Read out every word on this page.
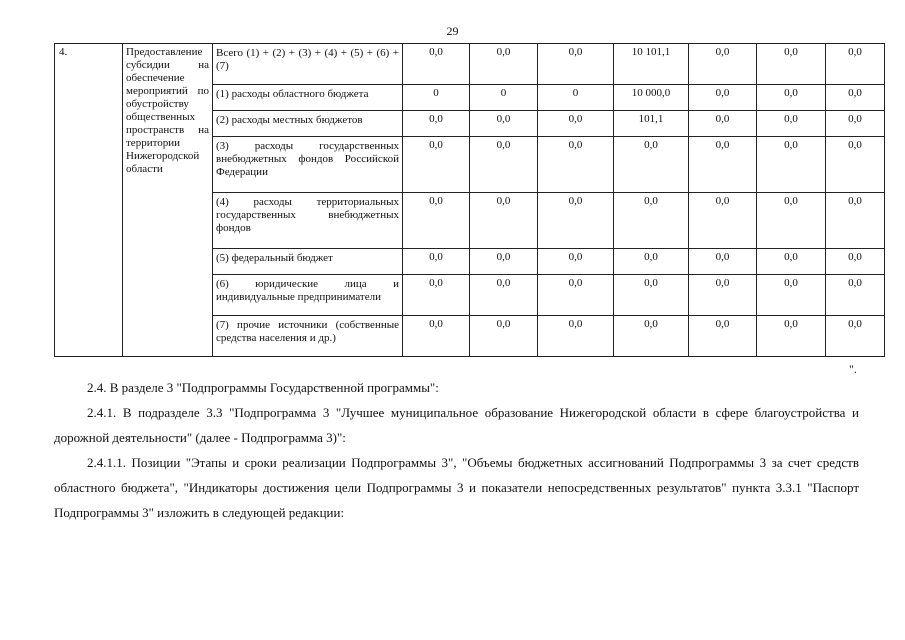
29
4.	Предоставление субсидии на обеспечение мероприятий по обустройству общественных пространств на территории Нижегородской области	Всего (1) + (2) + (3) + (4) + (5) + (6) + (7)	0,0	0,0	0,0	10 101,1	0,0	0,0	0,0
		(1) расходы областного бюджета	0	0	0	10 000,0	0,0	0,0	0,0
		(2) расходы местных бюджетов	0,0	0,0	0,0	101,1	0,0	0,0	0,0
		(3) расходы государственных внебюджетных фондов Российской Федерации	0,0	0,0	0,0	0,0	0,0	0,0	0,0
		(4) расходы территориальных государственных внебюджетных фондов	0,0	0,0	0,0	0,0	0,0	0,0	0,0
		(5) федеральный бюджет	0,0	0,0	0,0	0,0	0,0	0,0	0,0
		(6) юридические лица и индивидуальные предприниматели	0,0	0,0	0,0	0,0	0,0	0,0	0,0
		(7) прочие источники (собственные средства населения и др.)	0,0	0,0	0,0	0,0	0,0	0,0	0,0
".
2.4. В разделе 3 "Подпрограммы Государственной программы":
2.4.1. В подразделе 3.3 "Подпрограмма 3 "Лучшее муниципальное образование Нижегородской области в сфере благоустройства и дорожной деятельности" (далее - Подпрограмма 3)":
2.4.1.1. Позиции "Этапы и сроки реализации Подпрограммы 3", "Объемы бюджетных ассигнований Подпрограммы 3 за счет средств областного бюджета", "Индикаторы достижения цели Подпрограммы 3 и показатели непосредственных результатов" пункта 3.3.1 "Паспорт Подпрограммы 3" изложить в следующей редакции:
